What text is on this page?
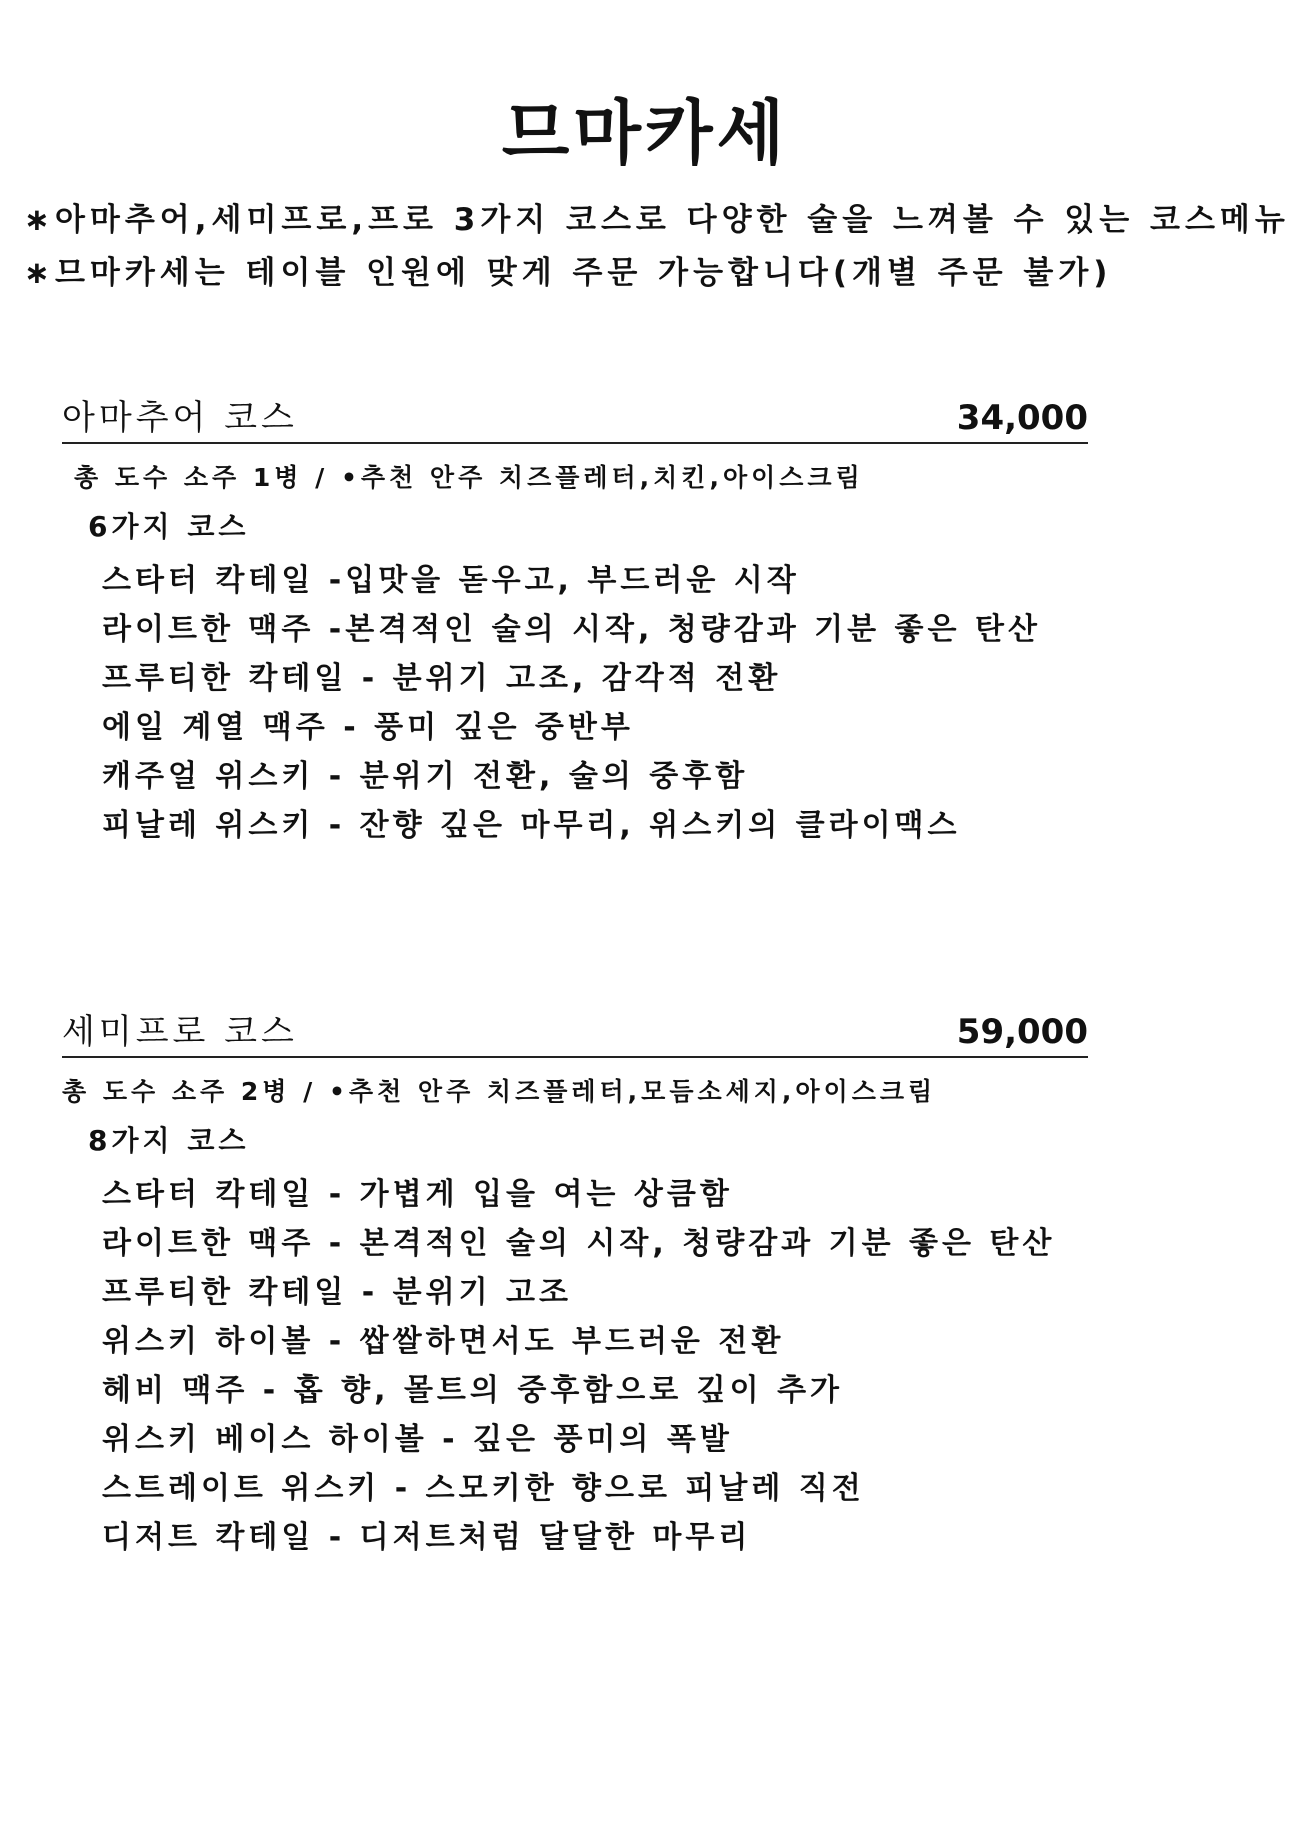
므마카세
∗아마추어,세미프로,프로 3가지 코스로 다양한 술을 느껴볼 수 있는 코스메뉴
∗므마카세는 테이블 인원에 맞게 주문 가능합니다(개별 주문 불가)
아마추어 코스	34,000
총 도수 소주 1병 / •추천 안주 치즈플레터,치킨,아이스크림
6가지 코스
스타터 칵테일 -입맛을 돋우고, 부드러운 시작
라이트한 맥주 -본격적인 술의 시작, 청량감과 기분 좋은 탄산
프루티한 칵테일 - 분위기 고조, 감각적 전환
에일 계열 맥주 - 풍미 깊은 중반부
캐주얼 위스키 - 분위기 전환, 술의 중후함
피날레 위스키 - 잔향 깊은 마무리, 위스키의 클라이맥스
세미프로 코스	59,000
총 도수 소주 2병 / •추천 안주 치즈플레터,모듬소세지,아이스크림
8가지 코스
스타터 칵테일 - 가볍게 입을 여는 상큼함
라이트한 맥주 - 본격적인 술의 시작, 청량감과 기분 좋은 탄산
프루티한 칵테일 - 분위기 고조
위스키 하이볼 - 쌉쌀하면서도 부드러운 전환
헤비 맥주 - 홉 향, 몰트의 중후함으로 깊이 추가
위스키 베이스 하이볼 - 깊은 풍미의 폭발
스트레이트 위스키 - 스모키한 향으로 피날레 직전
디저트 칵테일 - 디저트처럼 달달한 마무리
